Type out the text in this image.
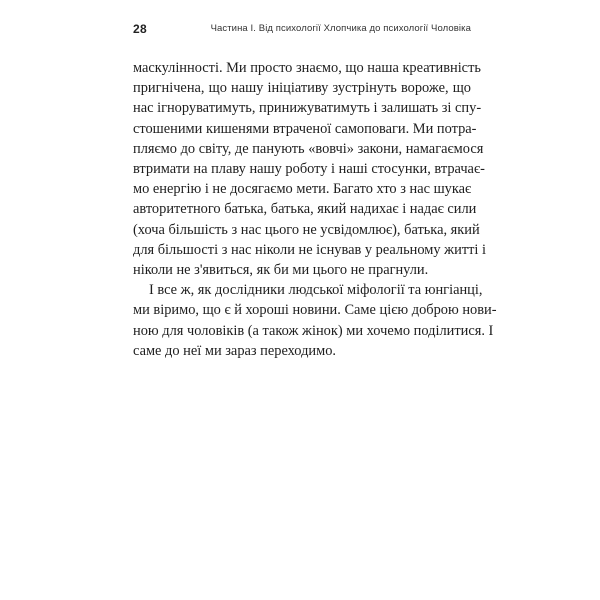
28	Частина І. Від психології Хлопчика до психології Чоловіка

маскулінності. Ми просто знаємо, що наша креативність
пригнічена, що нашу ініціативу зустрінуть вороже, що
нас ігноруватимуть, принижуватимуть і залишать зі спу-
стошеними кишенями втраченої самоповаги. Ми потра-
пляємо до світу, де панують «вовчі» закони, намагаємося
втримати на плаву нашу роботу і наші стосунки, втрачає-
мо енергію і не досягаємо мети. Багато хто з нас шукає
авторитетного батька, батька, який надихає і надає сили
(хоча більшість з нас цього не усвідомлює), батька, який
для більшості з нас ніколи не існував у реальному житті і
ніколи не з'явиться, як би ми цього не прагнули.

І все ж, як дослідники людської міфології та юнгіанці,
ми віримо, що є й хороші новини. Саме цією доброю нови-
ною для чоловіків (а також жінок) ми хочемо поділитися. І
саме до неї ми зараз переходимо.
